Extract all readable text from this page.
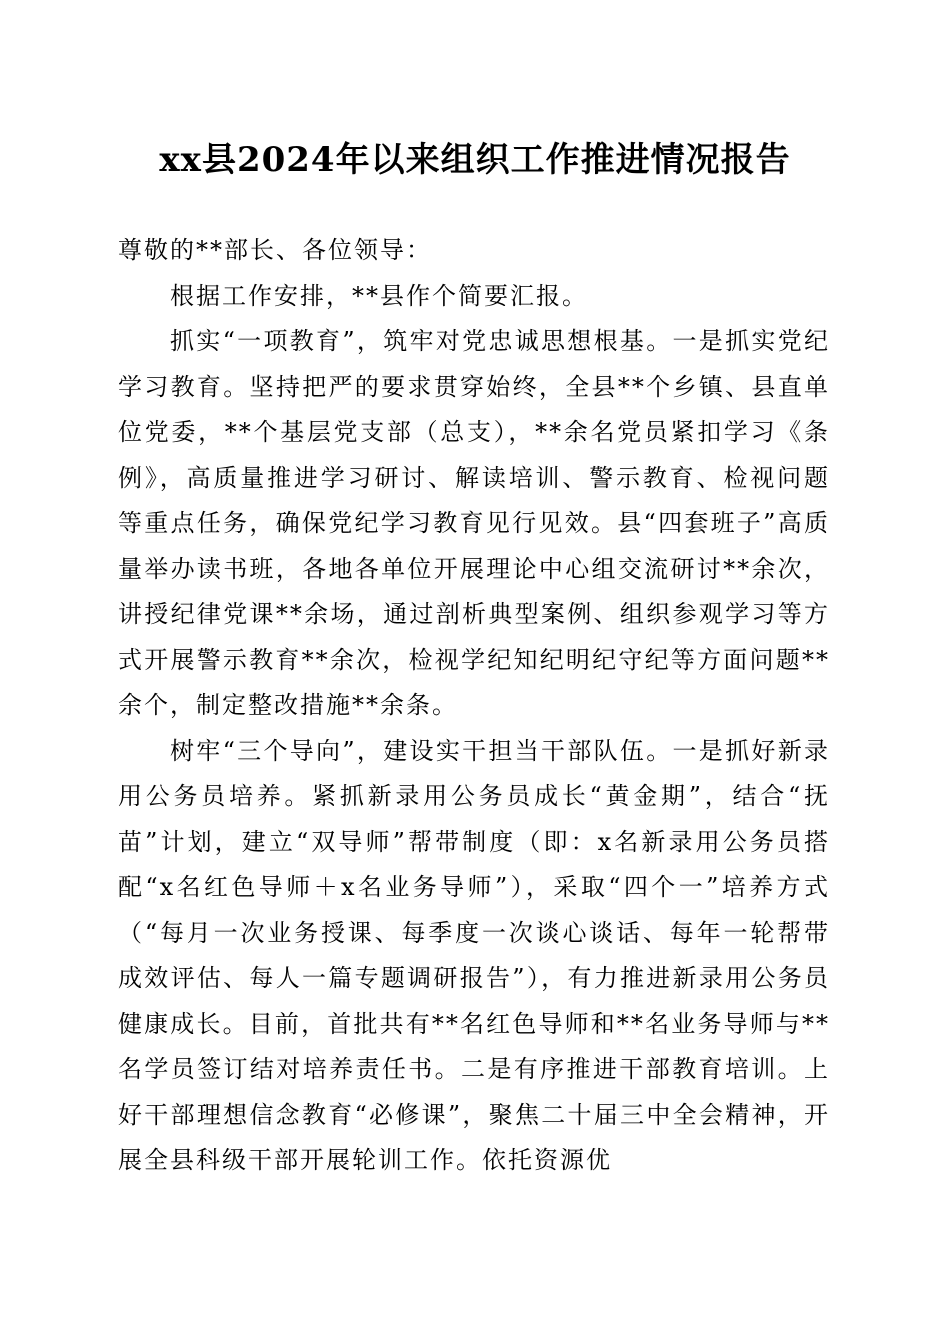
xx县2024年以来组织工作推进情况报告

尊敬的**部长、各位领导：

根据工作安排，**县作个简要汇报。

抓实“一项教育”，筑牢对党忠诚思想根基。一是抓实党纪学习教育。坚持把严的要求贯穿始终，全县**个乡镇、县直单位党委，**个基层党支部（总支），**余名党员紧扣学习《条例》，高质量推进学习研讨、解读培训、警示教育、检视问题等重点任务，确保党纪学习教育见行见效。县“四套班子”高质量举办读书班，各地各单位开展理论中心组交流研讨**余次，讲授纪律党课**余场，通过剖析典型案例、组织参观学习等方式开展警示教育**余次，检视学纪知纪明纪守纪等方面问题**余个，制定整改措施**余条。

树牢“三个导向”，建设实干担当干部队伍。一是抓好新录用公务员培养。紧抓新录用公务员成长“黄金期”，结合“抚苗”计划，建立“双导师”帮带制度（即：x名新录用公务员搭配“x名红色导师＋x名业务导师”），采取“四个一”培养方式（“每月一次业务授课、每季度一次谈心谈话、每年一轮帮带成效评估、每人一篇专题调研报告”），有力推进新录用公务员健康成长。目前，首批共有**名红色导师和**名业务导师与**名学员签订结对培养责任书。二是有序推进干部教育培训。上好干部理想信念教育“必修课”，聚焦二十届三中全会精神，开展全县科级干部开展轮训工作。依托资源优
